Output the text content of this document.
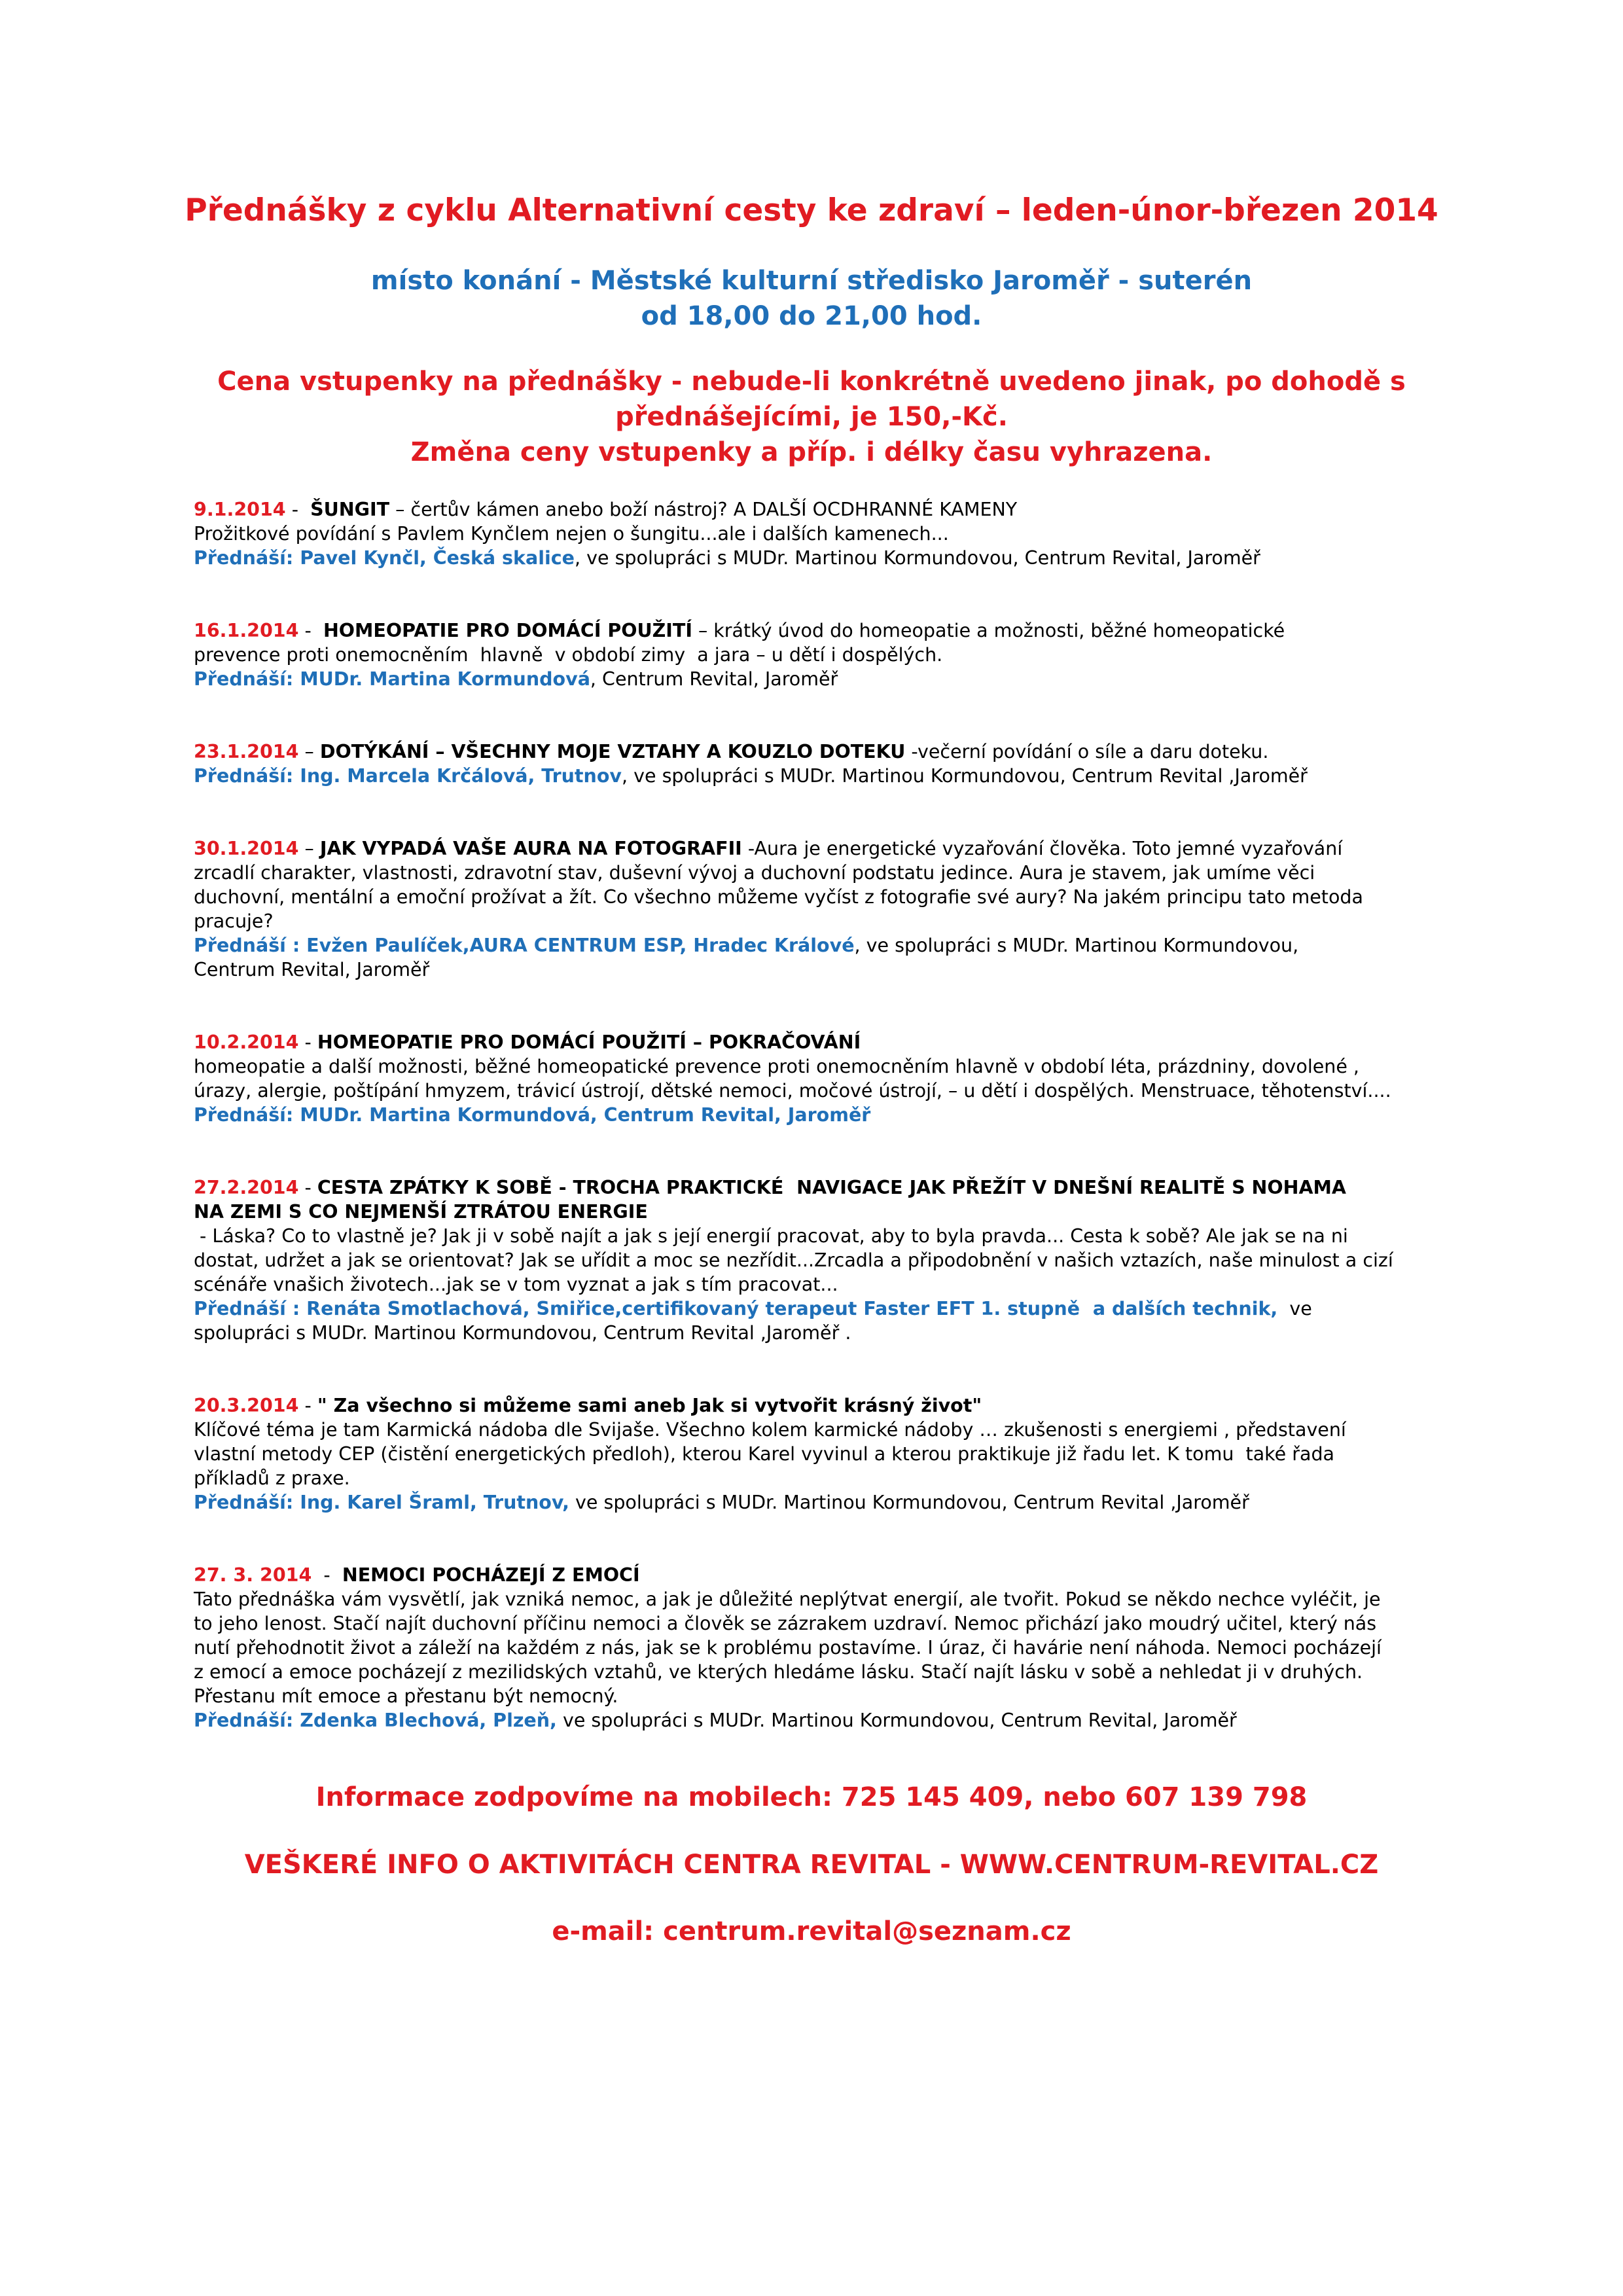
Přednášky z cyklu Alternativní cesty ke zdraví – leden-únor-březen 2014
místo konání - Městské kulturní středisko Jaroměř - suterén
od 18,00 do 21,00 hod.
Cena vstupenky na přednášky - nebude-li konkrétně uvedeno jinak, po dohodě s
přednášejícími, je 150,-Kč.
Změna ceny vstupenky a příp. i délky času vyhrazena.
9.1.2014 -  ŠUNGIT – čertův kámen anebo boží nástroj? A DALŠÍ OCDHRANNÉ KAMENY
Prožitkové povídání s Pavlem Kynčlem nejen o šungitu...ale i dalších kamenech...
Přednáší: Pavel Kynčl, Česká skalice, ve spolupráci s MUDr. Martinou Kormundovou, Centrum Revital, Jaroměř
16.1.2014 -  HOMEOPATIE PRO DOMÁCÍ POUŽITÍ – krátký úvod do homeopatie a možnosti, běžné homeopatické
prevence proti onemocněním  hlavně  v období zimy  a jara – u dětí i dospělých.
Přednáší: MUDr. Martina Kormundová, Centrum Revital, Jaroměř
23.1.2014 – DOTÝKÁNÍ – VŠECHNY MOJE VZTAHY A KOUZLO DOTEKU -večerní povídání o síle a daru doteku.
Přednáší: Ing. Marcela Krčálová, Trutnov, ve spolupráci s MUDr. Martinou Kormundovou, Centrum Revital ,Jaroměř
30.1.2014 – JAK VYPADÁ VAŠE AURA NA FOTOGRAFII -Aura je energetické vyzařování člověka. Toto jemné vyzařování
zrcadlí charakter, vlastnosti, zdravotní stav, duševní vývoj a duchovní podstatu jedince. Aura je stavem, jak umíme věci
duchovní, mentální a emoční prožívat a žít. Co všechno můžeme vyčíst z fotografie své aury? Na jakém principu tato metoda
pracuje?
Přednáší : Evžen Paulíček,AURA CENTRUM ESP, Hradec Králové, ve spolupráci s MUDr. Martinou Kormundovou,
Centrum Revital, Jaroměř
10.2.2014 - HOMEOPATIE PRO DOMÁCÍ POUŽITÍ – POKRAČOVÁNÍ
homeopatie a další možnosti, běžné homeopatické prevence proti onemocněním hlavně v období léta, prázdniny, dovolené ,
úrazy, alergie, poštípání hmyzem, trávicí ústrojí, dětské nemoci, močové ústrojí, – u dětí i dospělých. Menstruace, těhotenství....
Přednáší: MUDr. Martina Kormundová, Centrum Revital, Jaroměř
27.2.2014 - CESTA ZPÁTKY K SOBĚ - TROCHA PRAKTICKÉ  NAVIGACE JAK PŘEŽÍT V DNEŠNÍ REALITĚ S NOHAMA
NA ZEMI S CO NEJMENŠÍ ZTRÁTOU ENERGIE
- Láska? Co to vlastně je? Jak ji v sobě najít a jak s její energií pracovat, aby to byla pravda... Cesta k sobě? Ale jak se na ni
dostat, udržet a jak se orientovat? Jak se uřídit a moc se nezřídit...Zrcadla a připodobnění v našich vztazích, naše minulost a cizí
scénáře vnašich životech...jak se v tom vyznat a jak s tím pracovat...
Přednáší : Renáta Smotlachová, Smiřice,certifikovaný terapeut Faster EFT 1. stupně  a dalších technik,  ve
spolupráci s MUDr. Martinou Kormundovou, Centrum Revital ,Jaroměř .
20.3.2014 - " Za všechno si můžeme sami aneb Jak si vytvořit krásný život"
Klíčové téma je tam Karmická nádoba dle Svijaše. Všechno kolem karmické nádoby … zkušenosti s energiemi , představení
vlastní metody CEP (čistění energetických předloh), kterou Karel vyvinul a kterou praktikuje již řadu let. K tomu  také řada
příkladů z praxe.
Přednáší: Ing. Karel Šraml, Trutnov, ve spolupráci s MUDr. Martinou Kormundovou, Centrum Revital ,Jaroměř
27. 3. 2014  -  NEMOCI POCHÁZEJÍ Z EMOCÍ
Tato přednáška vám vysvětlí, jak vzniká nemoc, a jak je důležité neplýtvat energií, ale tvořit. Pokud se někdo nechce vyléčit, je
to jeho lenost. Stačí najít duchovní příčinu nemoci a člověk se zázrakem uzdraví. Nemoc přichází jako moudrý učitel, který nás
nutí přehodnotit život a záleží na každém z nás, jak se k problému postavíme. I úraz, či havárie není náhoda. Nemoci pocházejí
z emocí a emoce pocházejí z mezilidských vztahů, ve kterých hledáme lásku. Stačí najít lásku v sobě a nehledat ji v druhých.
Přestanu mít emoce a přestanu být nemocný.
Přednáší: Zdenka Blechová, Plzeň, ve spolupráci s MUDr. Martinou Kormundovou, Centrum Revital, Jaroměř
Informace zodpovíme na mobilech: 725 145 409, nebo 607 139 798
VEŠKERÉ INFO O AKTIVITÁCH CENTRA REVITAL - WWW.CENTRUM-REVITAL.CZ
e-mail: centrum.revital@seznam.cz
